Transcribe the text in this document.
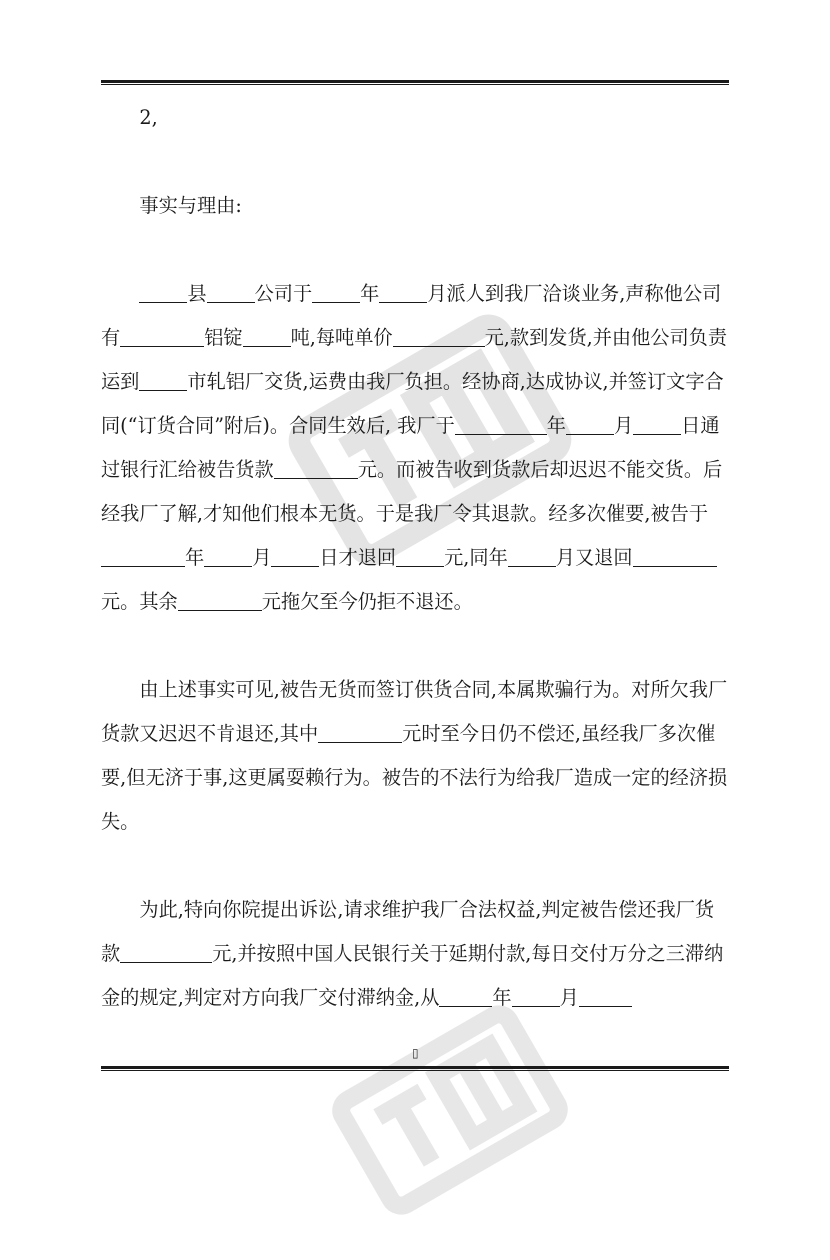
2,

事实与理由:

县	公司于	年	月派人到我厂洽谈业务,声称他公司有	铝锭	吨,每吨单价	元,款到发货,并由他公司负责运到	市轧铝厂交货,运费由我厂负担。经协商,达成协议,并签订文字合同(“订货合同”附后)。合同生效后, 我厂于	年	月	日通过银行汇给被告货款	元。而被告收到货款后却迟迟不能交货。后经我厂了解,才知他们根本无货。于是我厂令其退款。经多次催要,被告于年	月	日才退回	元,同年	月又退回元。其余	元拖欠至今仍拒不退还。

由上述事实可见,被告无货而签订供货合同,本属欺骗行为。对所欠我厂货款又迟迟不肯退还,其中	元时至今日仍不偿还,虽经我厂多次催要,但无济于事,这更属耍赖行为。被告的不法行为给我厂造成一定的经济损失。

为此,特向你院提出诉讼,请求维护我厂合法权益,判定被告偿还我厂货款	元,并按照中国人民银行关于延期付款,每日交付万分之三滞纳金的规定,判定对方向我厂交付滞纳金,从	年	月

▯
